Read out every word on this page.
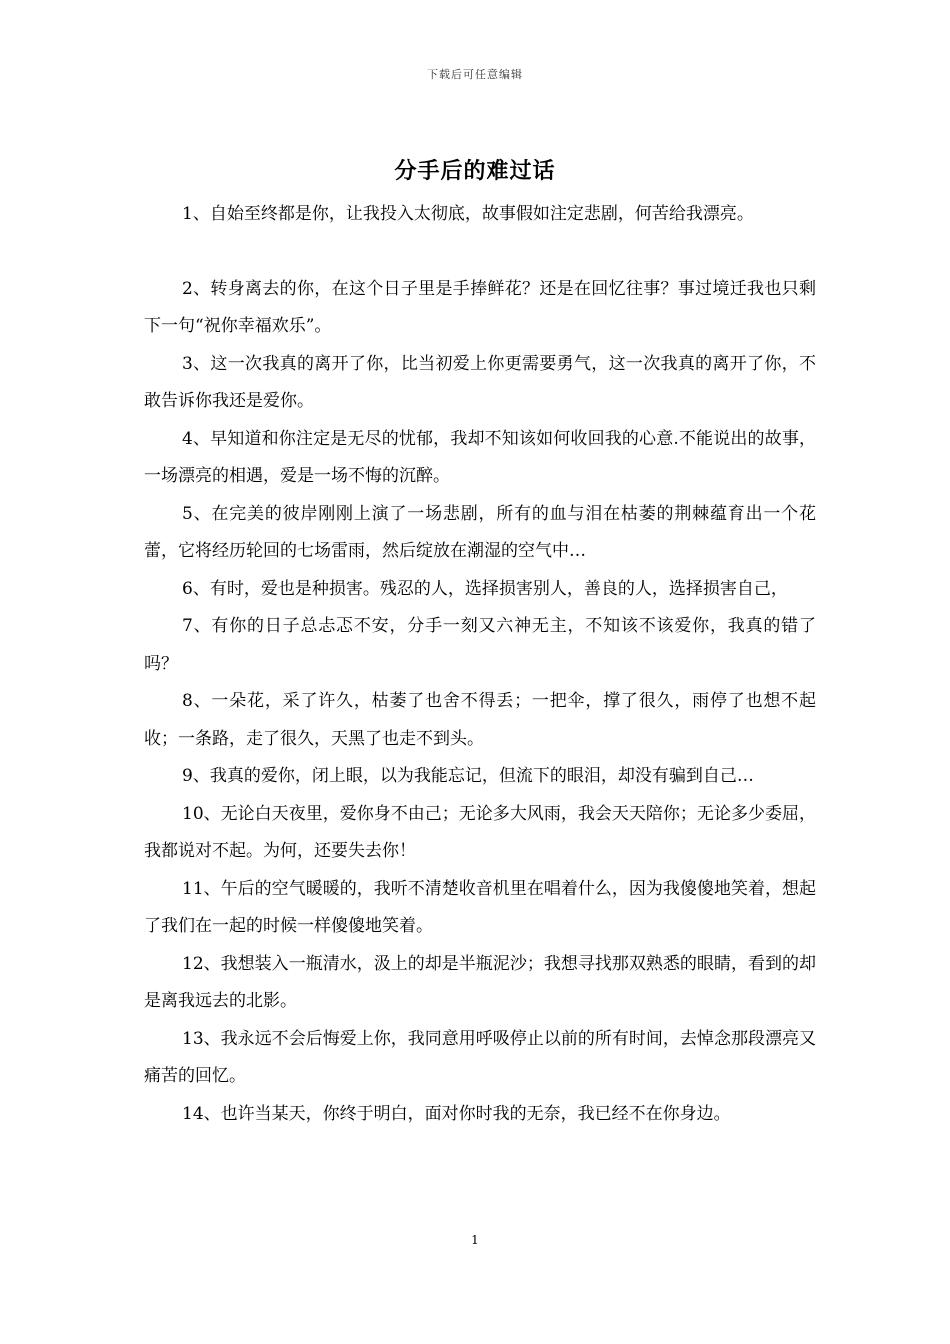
下载后可任意编辑
分手后的难过话

1、自始至终都是你，让我投入太彻底，故事假如注定悲剧，何苦给我漂亮。

2、转身离去的你，在这个日子里是手捧鲜花？还是在回忆往事？事过境迁我也只剩下一句“祝你幸福欢乐”。

3、这一次我真的离开了你，比当初爱上你更需要勇气，这一次我真的离开了你，不敢告诉你我还是爱你。

4、早知道和你注定是无尽的忧郁，我却不知该如何收回我的心意.不能说出的故事，一场漂亮的相遇，爱是一场不悔的沉醉。

5、在完美的彼岸刚刚上演了一场悲剧，所有的血与泪在枯萎的荆棘蕴育出一个花蕾，它将经历轮回的七场雷雨，然后绽放在潮湿的空气中…

6、有时，爱也是种损害。残忍的人，选择损害别人，善良的人，选择损害自己，

7、有你的日子总忐忑不安，分手一刻又六神无主，不知该不该爱你，我真的错了吗？

8、一朵花，采了许久，枯萎了也舍不得丢；一把伞，撑了很久，雨停了也想不起收；一条路，走了很久，天黑了也走不到头。

9、我真的爱你，闭上眼，以为我能忘记，但流下的眼泪，却没有骗到自己…

10、无论白天夜里，爱你身不由己；无论多大风雨，我会天天陪你；无论多少委屈，我都说对不起。为何，还要失去你！

11、午后的空气暖暖的，我听不清楚收音机里在唱着什么，因为我傻傻地笑着，想起了我们在一起的时候一样傻傻地笑着。

12、我想装入一瓶清水，汲上的却是半瓶泥沙；我想寻找那双熟悉的眼睛，看到的却是离我远去的北影。

13、我永远不会后悔爱上你，我同意用呼吸停止以前的所有时间，去悼念那段漂亮又痛苦的回忆。

14、也许当某天，你终于明白，面对你时我的无奈，我已经不在你身边。

1
